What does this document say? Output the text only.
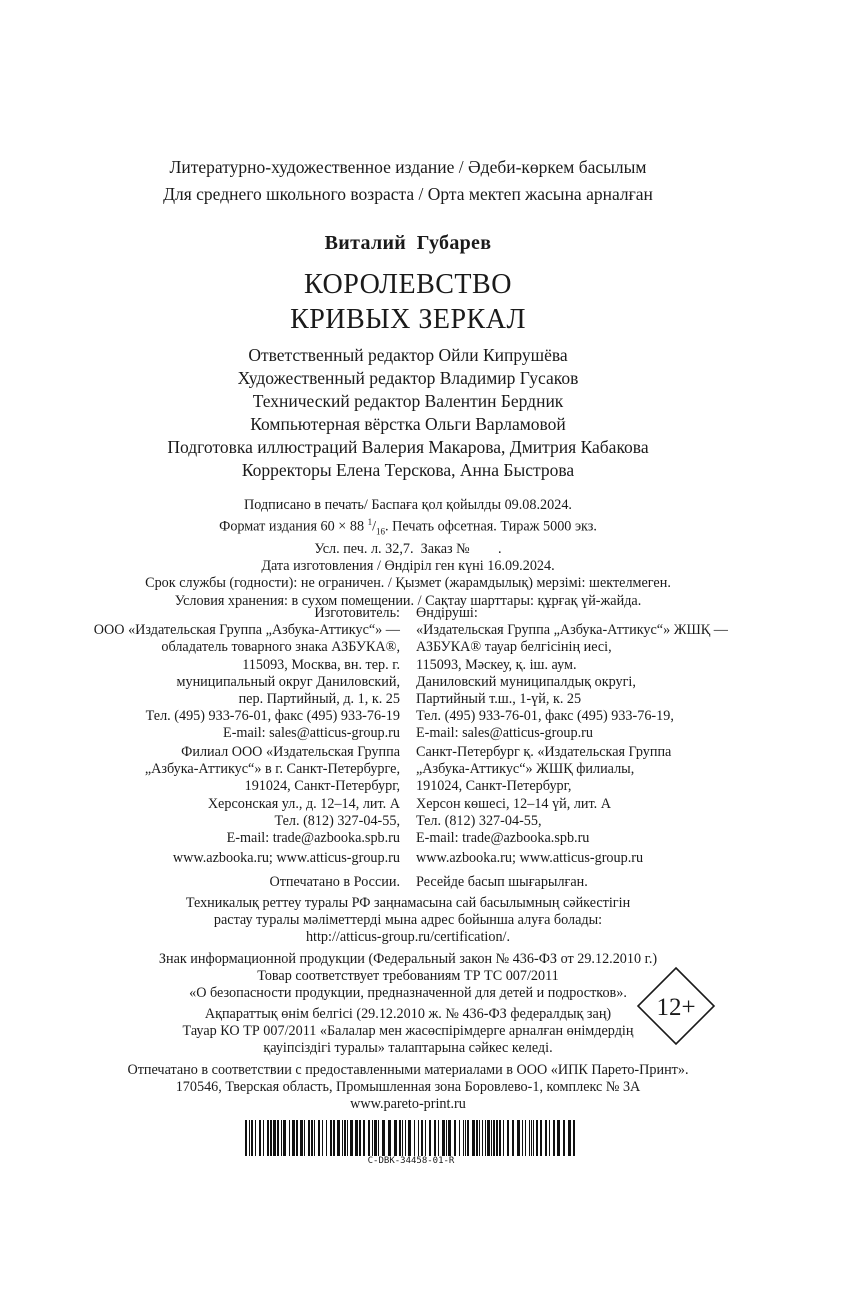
Литературно-художественное издание / Әдеби-көркем басылым
Для среднего школьного возраста / Орта мектеп жасына арналған
Виталий  Губарев
КОРОЛЕВСТВО
КРИВЫХ ЗЕРКАЛ
Ответственный редактор Ойли Кипрушёва
Художественный редактор Владимир Гусаков
Технический редактор Валентин Бердник
Компьютерная вёрстка Ольги Варламовой
Подготовка иллюстраций Валерия Макарова, Дмитрия Кабакова
Корректоры Елена Терскова, Анна Быстрова
Подписано в печать/ Баспаға қол қойылды 09.08.2024.
Формат издания 60 × 88 $^1/_{16}$. Печать офсетная. Тираж 5000 экз.
Усл. печ. л. 32,7.  Заказ №        .
Дата изготовления / Өндiрiл ген күнi 16.09.2024.
Срок службы (годности): не ограничен. / Қызмет (жарамдылық) мерзiмi: шектелмеген.
Условия хранения: в сухом помещении. / Сақтау шарттары: құрғақ үй-жайда.
Изготовитель:
ООО «Издательская Группа „Азбука-Аттикус“» —
обладатель товарного знака АЗБУКА®,
115093, Москва, вн. тер. г.
муниципальный округ Даниловский,
пер. Партийный, д. 1, к. 25
Тел. (495) 933-76-01, факс (495) 933-76-19
E-mail: sales@atticus-group.ru
Өндiрушi:
«Издательская Группа „Азбука-Аттикус“» ЖШҚ —
АЗБУКА® тауар белгiсiнiң иесi,
115093, Мәскеу, қ. iш. аум.
Даниловский муниципалдық округi,
Партийный т.ш., 1-үй, к. 25
Тел. (495) 933-76-01, факс (495) 933-76-19,
E-mail: sales@atticus-group.ru
Филиал ООО «Издательская Группа
„Азбука-Аттикус“» в г. Санкт-Петербурге,
191024, Санкт-Петербург,
Херсонская ул., д. 12–14, лит. А
Тел. (812) 327-04-55,
E-mail: trade@azbooka.spb.ru
Санкт-Петербург қ. «Издательская Группа
„Азбука-Аттикус“» ЖШҚ филиалы,
191024, Санкт-Петербург,
Херсон көшесi, 12–14 үй, лит. А
Тел. (812) 327-04-55,
E-mail: trade@azbooka.spb.ru
www.azbooka.ru; www.atticus-group.ru www.azbooka.ru; www.atticus-group.ru
Отпечатано в России. Ресейде басып шығарылған.
Техникалық реттеу туралы РФ заңнамасына сай басылымның сәйкестiгiн
растау туралы мәлiметтердi мына адрес бойынша алуға болады:
http://atticus-group.ru/certification/.
Знак информационной продукции (Федеральный закон № 436-ФЗ от 29.12.2010 г.)
Товар соответствует требованиям ТР ТС 007/2011
«О безопасности продукции, предназначенной для детей и подростков».
Ақпараттық өнiм белгiсi (29.12.2010 ж. № 436-ФЗ федералдық заң)
Тауар КО ТР 007/2011 «Балалар мен жасөспiрiмдерге арналған өнiмдердiң
қауiпсiздiгi туралы» талаптарына сәйкес келедi.
12+
Отпечатано в соответствии с предоставленными материалами в ООО «ИПК Парето-Принт».
170546, Тверская область, Промышленная зона Боровлево-1, комплекс № 3А
www.pareto-print.ru
C-DBK-34458-01-R
